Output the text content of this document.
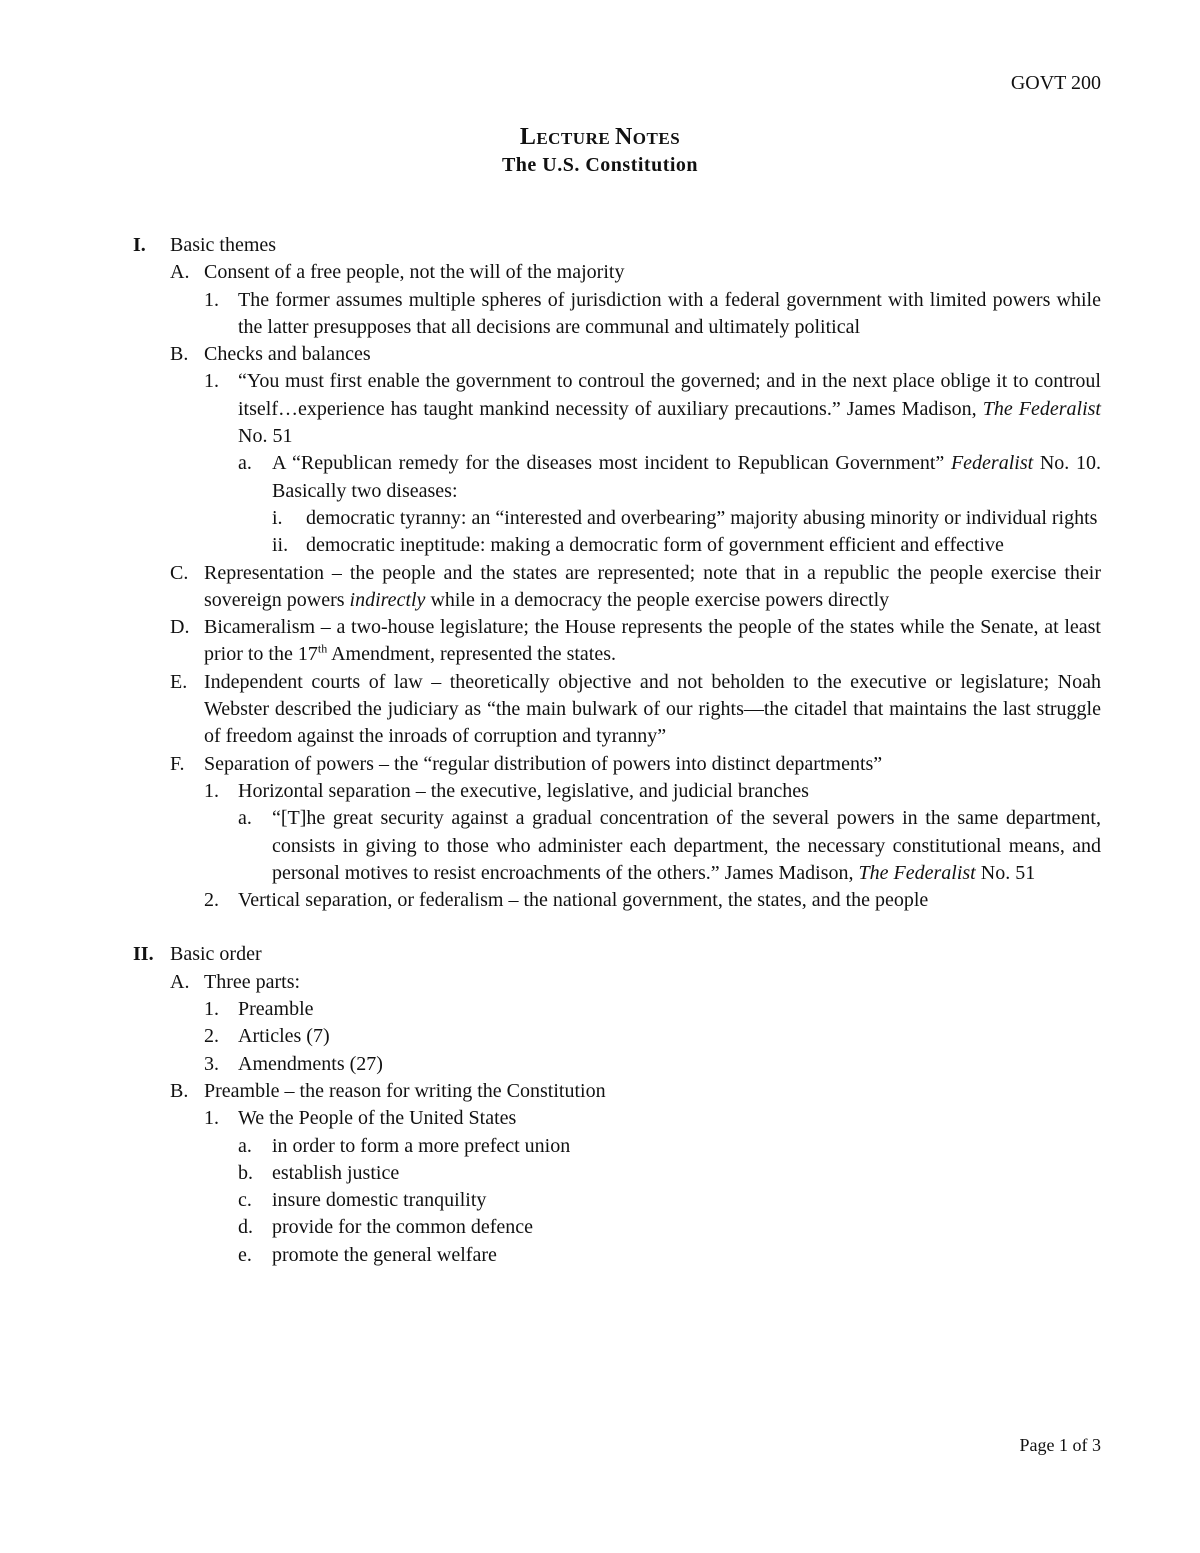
GOVT 200
LECTURE NOTES
The U.S. Constitution
I.	Basic themes
A. Consent of a free people, not the will of the majority
1. The former assumes multiple spheres of jurisdiction with a federal government with limited powers while the latter presupposes that all decisions are communal and ultimately political
B. Checks and balances
1. “You must first enable the government to controul the governed; and in the next place oblige it to controul itself…experience has taught mankind necessity of auxiliary precautions.” James Madison, The Federalist No. 51
a.	A “Republican remedy for the diseases most incident to Republican Government” Federalist No. 10. Basically two diseases:
i.	democratic tyranny: an “interested and overbearing” majority abusing minority or individual rights
ii. democratic ineptitude: making a democratic form of government efficient and effective
C. Representation – the people and the states are represented; note that in a republic the people exercise their sovereign powers indirectly while in a democracy the people exercise powers directly
D. Bicameralism – a two-house legislature; the House represents the people of the states while the Senate, at least prior to the 17th Amendment, represented the states.
E. Independent courts of law – theoretically objective and not beholden to the executive or legislature; Noah Webster described the judiciary as “the main bulwark of our rights—the citadel that maintains the last struggle of freedom against the inroads of corruption and tyranny”
F. Separation of powers – the “regular distribution of powers into distinct departments”
1. Horizontal separation – the executive, legislative, and judicial branches
a.	“[T]he great security against a gradual concentration of the several powers in the same department, consists in giving to those who administer each department, the necessary constitutional means, and personal motives to resist encroachments of the others.” James Madison, The Federalist No. 51
2. Vertical separation, or federalism – the national government, the states, and the people
II. Basic order
A. Three parts:
1. Preamble
2. Articles (7)
3. Amendments (27)
B. Preamble – the reason for writing the Constitution
1. We the People of the United States
a.	in order to form a more prefect union
b. establish justice
c.	insure domestic tranquility
d. provide for the common defence
e.	promote the general welfare
Page 1 of 3
